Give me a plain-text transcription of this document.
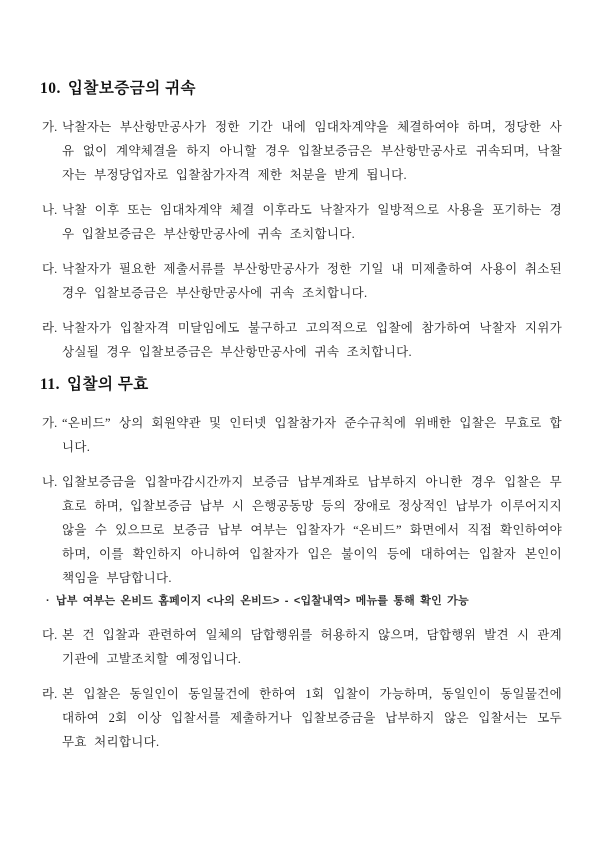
10. 입찰보증금의 귀속
가. 낙찰자는 부산항만공사가 정한 기간 내에 임대차계약을 체결하여야 하며, 정당한 사유 없이 계약체결을 하지 아니할 경우 입찰보증금은 부산항만공사로 귀속되며, 낙찰자는 부정당업자로 입찰참가자격 제한 처분을 받게 됩니다.
나. 낙찰 이후 또는 임대차계약 체결 이후라도 낙찰자가 일방적으로 사용을 포기하는 경우 입찰보증금은 부산항만공사에 귀속 조치합니다.
다. 낙찰자가 필요한 제출서류를 부산항만공사가 정한 기일 내 미제출하여 사용이 취소된 경우 입찰보증금은 부산항만공사에 귀속 조치합니다.
라. 낙찰자가 입찰자격 미달임에도 불구하고 고의적으로 입찰에 참가하여 낙찰자 지위가 상실될 경우 입찰보증금은 부산항만공사에 귀속 조치합니다.
11. 입찰의 무효
가. “온비드” 상의 회원약관 및 인터넷 입찰참가자 준수규칙에 위배한 입찰은 무효로 합니다.
나. 입찰보증금을 입찰마감시간까지 보증금 납부계좌로 납부하지 아니한 경우 입찰은 무효로 하며, 입찰보증금 납부 시 은행공동망 등의 장애로 정상적인 납부가 이루어지지 않을 수 있으므로 보증금 납부 여부는 입찰자가 “온비드” 화면에서 직접 확인하여야 하며, 이를 확인하지 아니하여 입찰자가 입은 불이익 등에 대하여는 입찰자 본인이 책임을 부담합니다.
· 납부 여부는 온비드 홈페이지 <나의 온비드> - <입찰내역> 메뉴를 통해 확인 가능
다. 본 건 입찰과 관련하여 일체의 담합행위를 허용하지 않으며, 담합행위 발견 시 관계기관에 고발조치할 예정입니다.
라. 본 입찰은 동일인이 동일물건에 한하여 1회 입찰이 가능하며, 동일인이 동일물건에 대하여 2회 이상 입찰서를 제출하거나 입찰보증금을 납부하지 않은 입찰서는 모두 무효 처리합니다.
